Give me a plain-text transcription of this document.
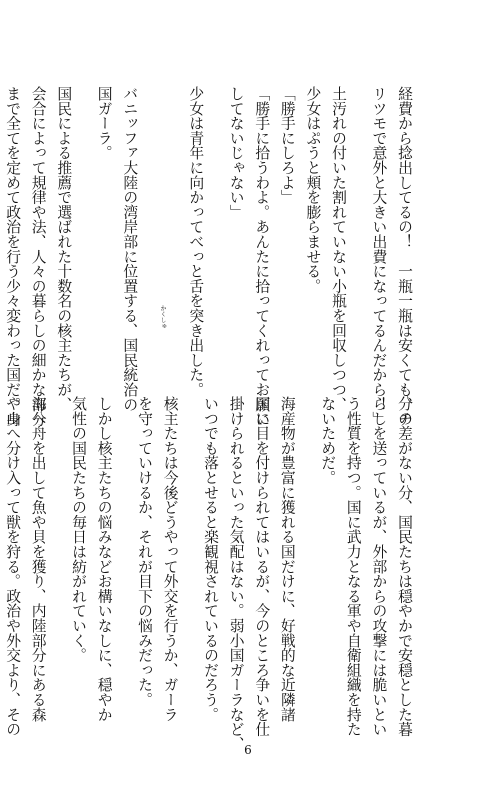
経費から捻出してるの！　一瓶一瓶は安くても、チ
リツモで意外と大きい出費になってるんだから！」
土汚れの付いた割れていない小瓶を回収しつつ、
少女はぷうと頬を膨らませる。
「勝手にしろよ」
「勝手に拾うわよ。あんたに拾ってくれってお願い
してないじゃない」
少女は青年に向かってべっと舌を突き出した。
バニッファ大陸の湾岸部に位置する、国民統治の
国ガーラ。
国民による推薦で選ばれた十数名の核主たちが、
会合によって規律や法、人々の暮らしの細かな部分
まで全てを定めて政治を行う少々変わった国だ。身
分の差がない分、国民たちは穏やかで安穏とした暮
らしを送っているが、外部からの攻撃には脆いとい
う性質を持つ。国に武力となる軍や自衛組織を持た
ないためだ。
海産物が豊富に獲れる国だけに、好戦的な近隣諸
国に目を付けられてはいるが、今のところ争いを仕
掛けられるといった気配はない。弱小国ガーラなど、
いつでも落とせると楽観視されているのだろう。
核主たちは今後どうやって外交を行うか、ガーラ
を守っていけるか、それが目下の悩みだった。
しかし核主たちの悩みなどお構いなしに、穏やか
気性の国民たちの毎日は紡がれていく。
海へ舟を出して魚や貝を獲り、内陸部分にある森
や山へ分け入って獣を狩る。政治や外交より、その
かくしゅ
6
